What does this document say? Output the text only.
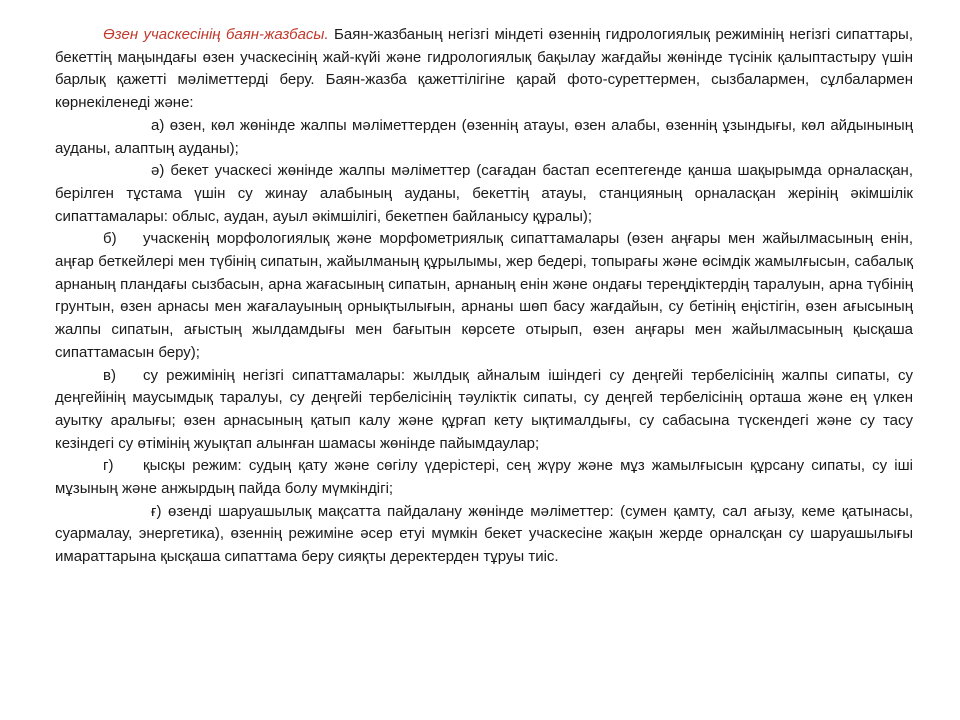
Өзен учаскесінің баян-жазбасы. Баян-жазбаның негізгі міндеті өзеннің гидрологиялық режимінің негізгі сипаттары, бекеттің маңындағы өзен учаскесінің жай-күйі және гидрологиялық бақылау жағдайы жөнінде түсінік қалыптастыру үшін барлық қажетті мәліметтерді беру. Баян-жазба қажеттілігіне қарай фото-суреттермен, сызбалармен, сұлбалармен көрнекіленеді және:

а) өзен, көл жөнінде жалпы мәліметтерден (өзеннің атауы, өзен алабы, өзеннің ұзындығы, көл айдынының ауданы, алаптың ауданы);

ә) бекет учаскесі жөнінде жалпы мәліметтер (сағадан бастап есептегенде қанша шақырымда орналасқан, берілген тұстама үшін су жинау алабының ауданы, бекеттің атауы, станцияның орналасқан жерінің әкімшілік сипаттамалары: облыс, аудан, ауыл әкімшілігі, бекетпен байланысу құралы);

б) учаскенің морфологиялық және морфометриялық сипаттамалары (өзен аңғары мен жайылмасының енін, аңғар беткейлері мен түбінің сипатын, жайылманың құрылымы, жер бедері, топырағы және өсімдік жамылғысын, сабалық арнаның пландағы сызбасын, арна жағасының сипатын, арнаның енін және ондағы тереңдіктердің таралуын, арна түбінің грунтын, өзен арнасы мен жағалауының орнықтылығын, арнаны шөп басу жағдайын, су бетінің еңістігін, өзен ағысының жалпы сипатын, ағыстың жылдамдығы мен бағытын көрсете отырып, өзен аңғары мен жайылмасының қысқаша сипаттамасын беру);

в) су режимінің негізгі сипаттамалары: жылдық айналым ішіндегі су деңгейі тербелісінің жалпы сипаты, су деңгейінің маусымдық таралуы, су деңгейі тербелісінің тәуліктік сипаты, су деңгей тербелісінің орташа және ең үлкен ауытку аралығы; өзен арнасының қатып калу және құрғап кету ықтималдығы, су сабасына түскендегі және су тасу кезіндегі су өтімінің жуықтап алынған шамасы жөнінде пайымдаулар;

г) қысқы режим: судың қату және сөгілу үдерістері, сең жүру және мұз жамылғысын құрсану сипаты, су іші мұзының және анжырдың пайда болу мүмкіндігі;

ғ) өзенді шаруашылық мақсатта пайдалану жөнінде мәліметтер: (сумен қамту, сал ағызу, кеме қатынасы, суармалау, энергетика), өзеннің режиміне әсер етуі мүмкін бекет учаскесіне жақын жерде орналсқан су шаруашылығы имараттарына қысқаша сипаттама беру сияқты деректерден тұруы тиіс.
